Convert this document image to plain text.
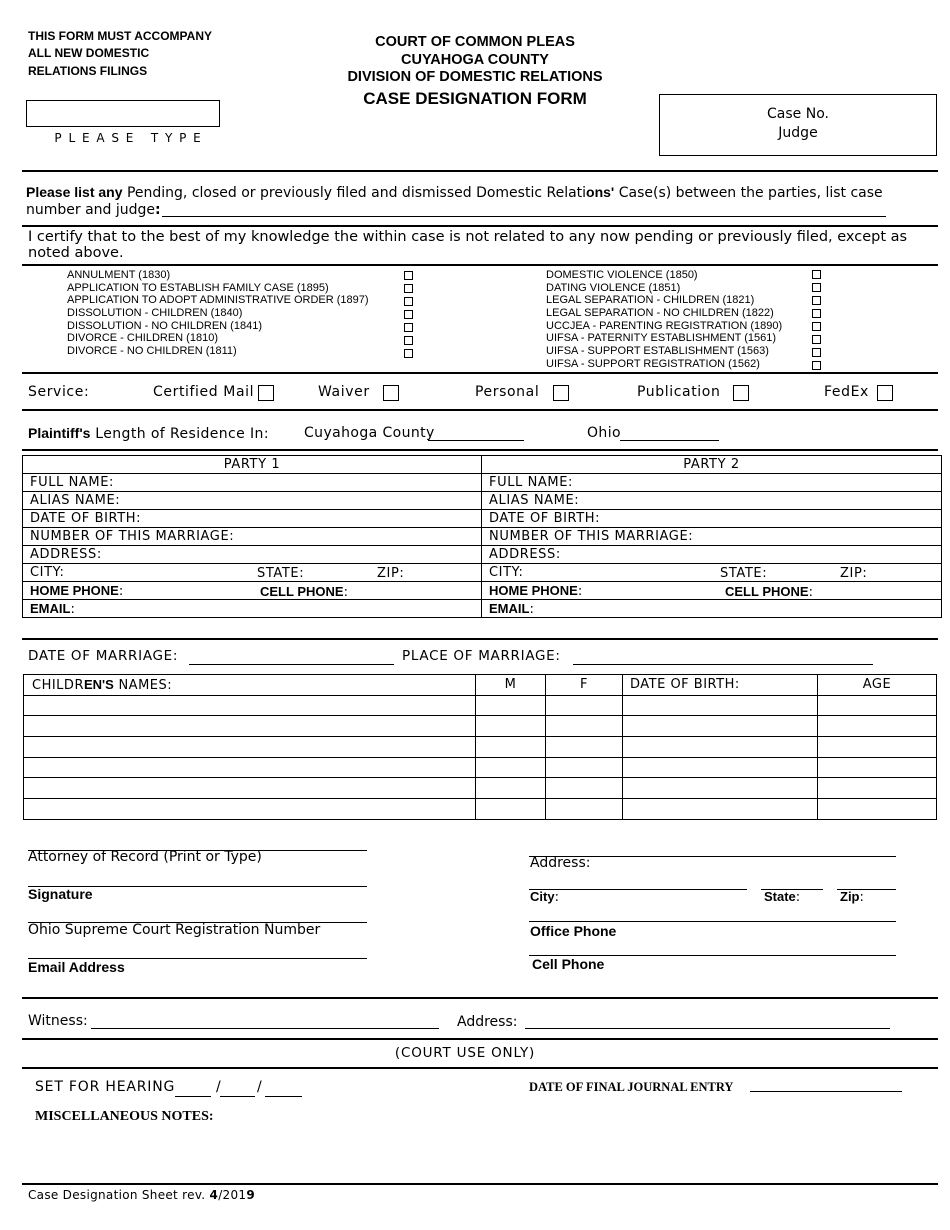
THIS FORM MUST ACCOMPANY
ALL NEW DOMESTIC
RELATIONS FILINGS

P L E A S E   T Y P E

COURT OF COMMON PLEAS
CUYAHOGA COUNTY
DIVISION OF DOMESTIC RELATIONS
CASE DESIGNATION FORM
Case No.
Judge
Please list any Pending, closed or previously filed and dismissed Domestic Relations' Case(s) between the parties, list case
number and judge:
I certify that to the best of my knowledge the within case is not related to any now pending or previously filed, except as
noted above.
ANNULMENT (1830)
APPLICATION TO ESTABLISH FAMILY CASE (1895)
APPLICATION TO ADOPT ADMINISTRATIVE ORDER (1897)
DISSOLUTION - CHILDREN (1840)
DISSOLUTION - NO CHILDREN (1841)
DIVORCE - CHILDREN (1810)
DIVORCE - NO CHILDREN (1811)
DOMESTIC VIOLENCE (1850)
DATING VIOLENCE (1851)
LEGAL SEPARATION - CHILDREN (1821)
LEGAL SEPARATION - NO CHILDREN (1822)
UCCJEA - PARENTING REGISTRATION (1890)
UIFSA - PATERNITY ESTABLISHMENT (1561)
UIFSA - SUPPORT ESTABLISHMENT (1563)
UIFSA - SUPPORT REGISTRATION (1562)
Service:	Certified Mail	Waiver	Personal	Publication	FedEx
Plaintiff's Length of Residence In:	Cuyahoga County	Ohio
PARTY 1	PARTY 2
FULL NAME:	FULL NAME:
ALIAS NAME:	ALIAS NAME:
DATE OF BIRTH:	DATE OF BIRTH:
NUMBER OF THIS MARRIAGE:	NUMBER OF THIS MARRIAGE:
ADDRESS:	ADDRESS:
CITY: STATE: ZIP:	CITY: STATE: ZIP:

HOME PHONE: CELL PHONE:	HOME PHONE: CELL PHONE:

EMAIL:	EMAIL:
DATE OF MARRIAGE:	PLACE OF MARRIAGE:
CHILDREN'S NAMES:	M	F	DATE OF BIRTH:	AGE

Attorney of Record (Print or Type)
Signature
Ohio Supreme Court Registration Number
Email Address
Address:
City:	State:	Zip:
Office Phone
Cell Phone
Witness:	Address:
(COURT USE ONLY)
SET FOR HEARING	/	/	DATE OF FINAL JOURNAL ENTRY
MISCELLANEOUS NOTES:
Case Designation Sheet rev. 4/2019
